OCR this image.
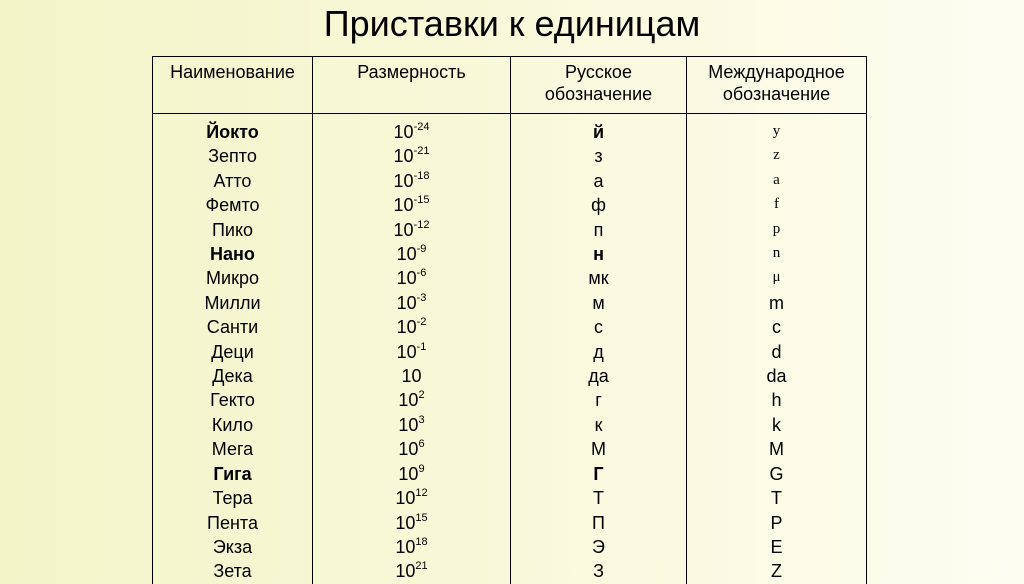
Приставки к единицам
Наименование	Размерность	Русское обозначение	Международное обозначение
Йокто	$10^{-24}$	й	y
Зепто	$10^{-21}$	з	z
Атто	$10^{-18}$	а	a
Фемто	$10^{-15}$	ф	f
Пико	$10^{-12}$	п	p
Нано	$10^{-9}$	н	n
Микро	$10^{-6}$	мк	μ
Милли	$10^{-3}$	м	m
Санти	$10^{-2}$	с	c
Деци	$10^{-1}$	д	d
Дека	10	да	da
Гекто	$10^2$	г	h
Кило	$10^3$	к	k
Мега	$10^6$	М	M
Гига	$10^9$	Г	G
Тера	$10^{12}$	Т	T
Пента	$10^{15}$	П	P
Экза	$10^{18}$	Э	E
Зета	$10^{21}$	З	Z
